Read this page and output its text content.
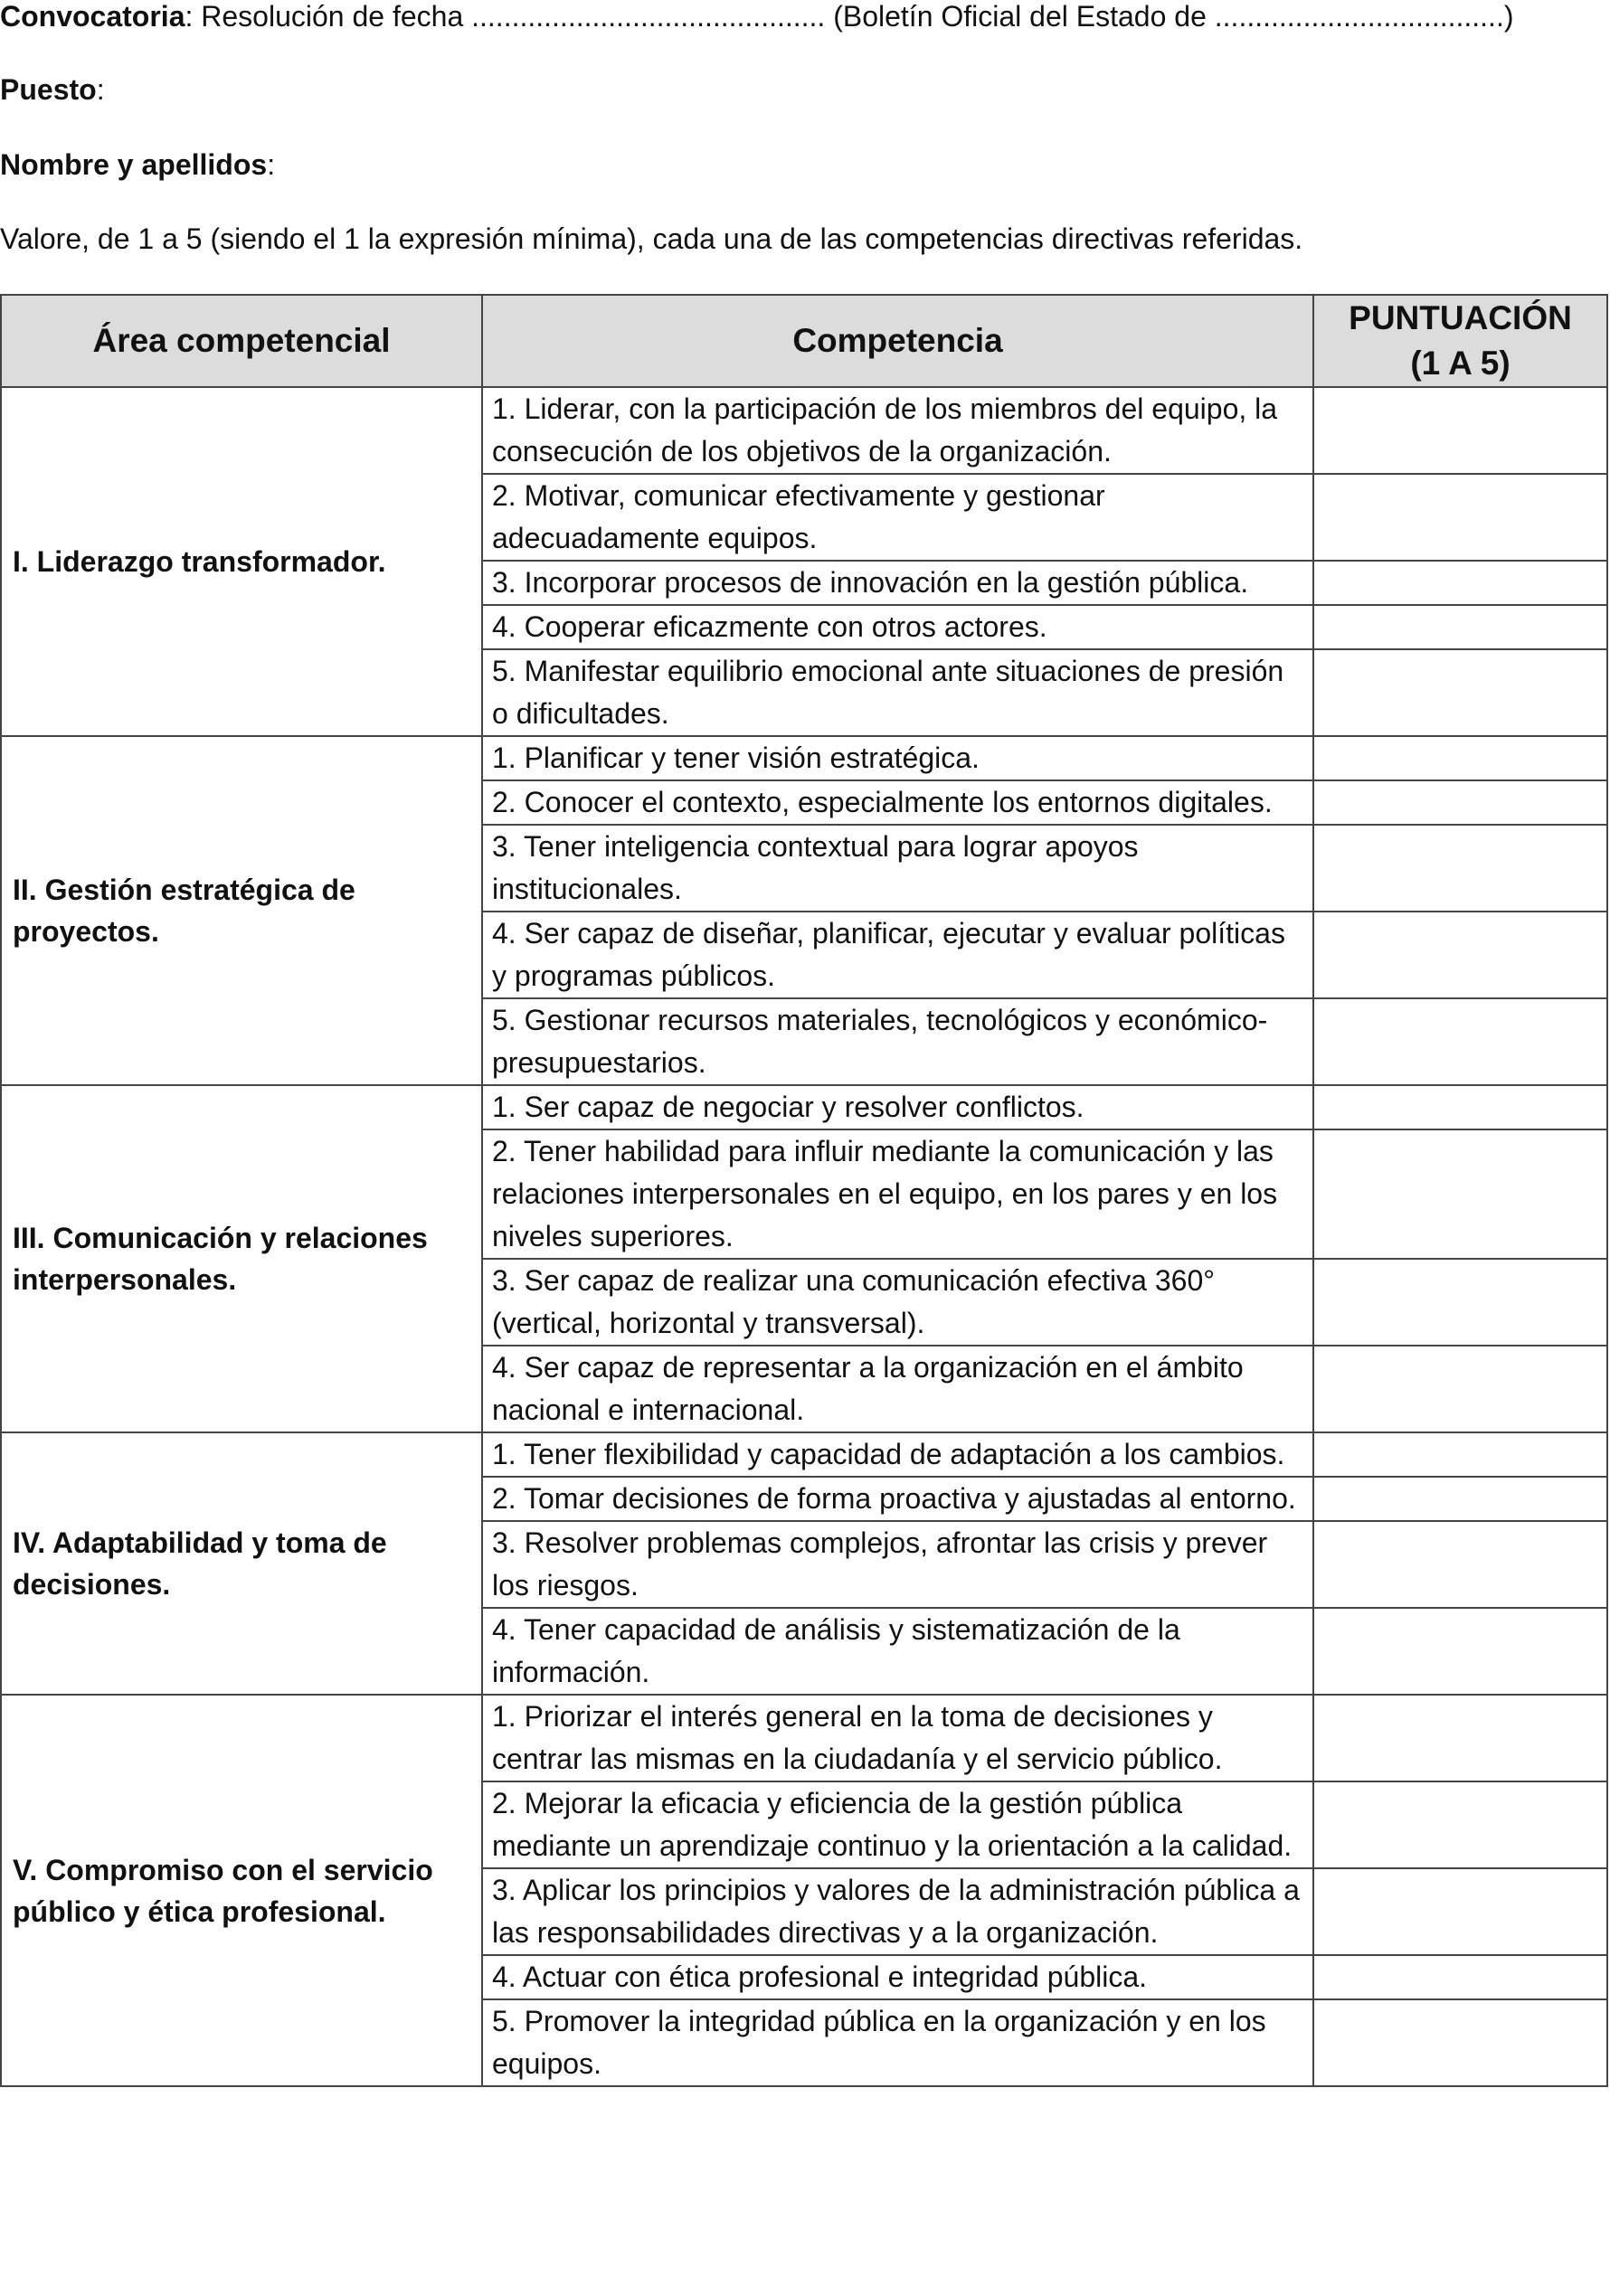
Convocatoria: Resolución de fecha ............................................ (Boletín Oficial del Estado de ....................................)
Puesto:
Nombre y apellidos:
Valore, de 1 a 5 (siendo el 1 la expresión mínima), cada una de las competencias directivas referidas.
Área competencial	Competencia	PUNTUACIÓN
(1 A 5)
I. Liderazgo transformador.	1. Liderar, con la participación de los miembros del equipo, la consecución de los objetivos de la organización.	
	2. Motivar, comunicar efectivamente y gestionar adecuadamente equipos.	
	3. Incorporar procesos de innovación en la gestión pública.	
	4. Cooperar eficazmente con otros actores.	
	5. Manifestar equilibrio emocional ante situaciones de presión o dificultades.	
II. Gestión estratégica de proyectos.	1. Planificar y tener visión estratégica.	
	2. Conocer el contexto, especialmente los entornos digitales.	
	3. Tener inteligencia contextual para lograr apoyos institucionales.	
	4. Ser capaz de diseñar, planificar, ejecutar y evaluar políticas y programas públicos.	
	5. Gestionar recursos materiales, tecnológicos y económico-presupuestarios.	
III. Comunicación y relaciones interpersonales.	1. Ser capaz de negociar y resolver conflictos.	
	2. Tener habilidad para influir mediante la comunicación y las relaciones interpersonales en el equipo, en los pares y en los niveles superiores.	
	3. Ser capaz de realizar una comunicación efectiva 360° (vertical, horizontal y transversal).	
	4. Ser capaz de representar a la organización en el ámbito nacional e internacional.	
IV. Adaptabilidad y toma de decisiones.	1. Tener flexibilidad y capacidad de adaptación a los cambios.	
	2. Tomar decisiones de forma proactiva y ajustadas al entorno.	
	3. Resolver problemas complejos, afrontar las crisis y prever los riesgos.	
	4. Tener capacidad de análisis y sistematización de la información.	
V. Compromiso con el servicio público y ética profesional.	1. Priorizar el interés general en la toma de decisiones y centrar las mismas en la ciudadanía y el servicio público.	
	2. Mejorar la eficacia y eficiencia de la gestión pública mediante un aprendizaje continuo y la orientación a la calidad.	
	3. Aplicar los principios y valores de la administración pública a las responsabilidades directivas y a la organización.	
	4. Actuar con ética profesional e integridad pública.	
	5. Promover la integridad pública en la organización y en los equipos.	
